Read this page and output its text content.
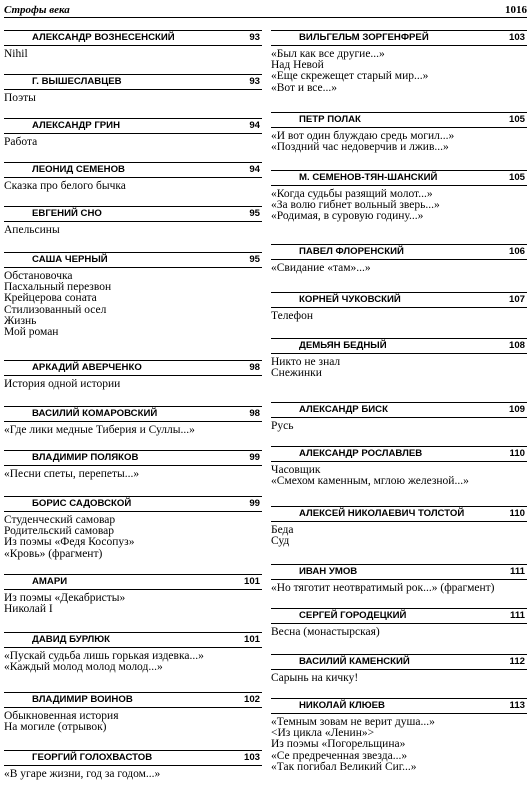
Строфы века	1016
АЛЕКСАНДР ВОЗНЕСЕНСКИЙ	93
Nihil
Г. ВЫШЕСЛАВЦЕВ	93
Поэты
АЛЕКСАНДР ГРИН	94
Работа
ЛЕОНИД СЕМЕНОВ	94
Сказка про белого бычка
ЕВГЕНИЙ СНО	95
Апельсины
САША ЧЕРНЫЙ	95
Обстановочка
Пасхальный перезвон
Крейцерова соната
Стилизованный осел
Жизнь
Мой роман
АРКАДИЙ АВЕРЧЕНКО	98
История одной истории
ВАСИЛИЙ КОМАРОВСКИЙ	98
«Где лики медные Тиберия и Суллы...»
ВЛАДИМИР ПОЛЯКОВ	99
«Песни спеты, перепеты...»
БОРИС САДОВСКОЙ	99
Студенческий самовар
Родительский самовар
Из поэмы «Федя Косопуз»
«Кровь» (фрагмент)
АМАРИ	101
Из поэмы «Декабристы»
Николай I
ДАВИД БУРЛЮК	101
«Пускай судьба лишь горькая издевка...»
«Каждый молод молод молод...»
ВЛАДИМИР ВОИНОВ	102
Обыкновенная история
На могиле (отрывок)
ГЕОРГИЙ ГОЛОХВАСТОВ	103
«В угаре жизни, год за годом...»
ВИЛЬГЕЛЬМ ЗОРГЕНФРЕЙ	103
«Был как все другие...»
Над Невой
«Еще скрежещет старый мир...»
«Вот и все...»
ПЕТР ПОЛАК	105
«И вот один блуждаю средь могил...»
«Поздний час недоверчив и лжив...»
М. СЕМЕНОВ-ТЯН-ШАНСКИЙ	105
«Когда судьбы разящий молот...»
«За волю гибнет вольный зверь...»
«Родимая, в суровую годину...»
ПАВЕЛ ФЛОРЕНСКИЙ	106
«Свидание «там»...»
КОРНЕЙ ЧУКОВСКИЙ	107
Телефон
ДЕМЬЯН БЕДНЫЙ	108
Никто не знал
Снежинки
АЛЕКСАНДР БИСК	109
Русь
АЛЕКСАНДР РОСЛАВЛЕВ	110
Часовщик
«Смехом каменным, мглою железной...»
АЛЕКСЕЙ НИКОЛАЕВИЧ ТОЛСТОЙ	110
Беда
Суд
ИВАН УМОВ	111
«Но тяготит неотвратимый рок...» (фрагмент)
СЕРГЕЙ ГОРОДЕЦКИЙ	111
Весна (монастырская)
ВАСИЛИЙ КАМЕНСКИЙ	112
Сарынь на кичку!
НИКОЛАЙ КЛЮЕВ	113
«Темным зовам не верит душа...»
<Из цикла «Ленин»>
Из поэмы «Погорельщина»
«Се предреченная звезда...»
«Так погибал Великий Сиг...»
